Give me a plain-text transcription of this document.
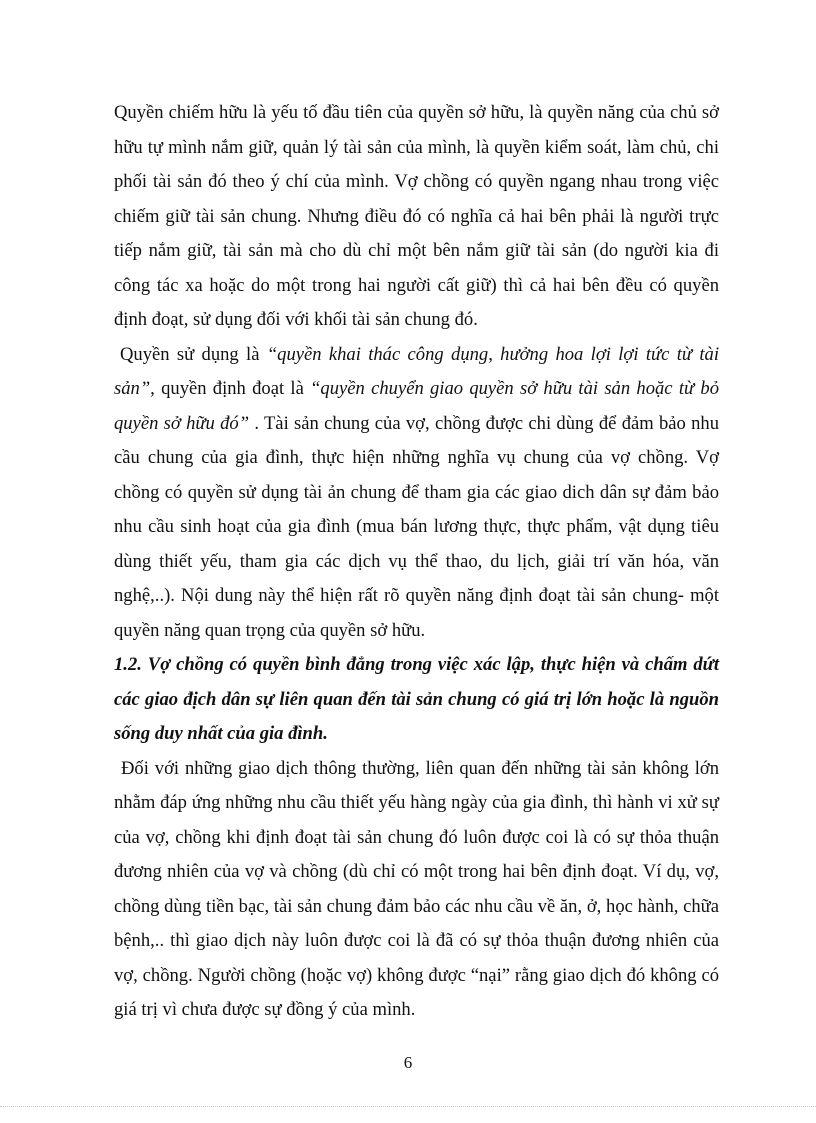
Quyền chiếm hữu là yếu tố đầu tiên của quyền sở hữu, là quyền năng của chủ sở
hữu tự mình nắm giữ, quản lý tài sản của mình, là quyền kiểm soát, làm chủ, chi
phối tài sản đó theo ý chí của mình. Vợ chồng có quyền ngang nhau trong việc
chiếm giữ tài sản chung. Nhưng điều đó có nghĩa cả hai bên phải là người trực
tiếp nắm giữ, tài sản mà cho dù chỉ một bên nắm giữ tài sản (do người kia đi
công tác xa hoặc do một trong hai người cất giữ) thì cả hai bên đều có quyền
định đoạt, sử dụng đối với khối tài sản chung đó.
Quyền sử dụng là “quyền khai thác công dụng, hưởng hoa lợi lợi tức từ tài
sản”, quyền định đoạt là “quyền chuyển giao quyền sở hữu tài sản hoặc từ bỏ
quyền sở hữu đó” . Tài sản chung của vợ, chồng được chi dùng để đảm bảo nhu
cầu chung của gia đình, thực hiện những nghĩa vụ chung của vợ chồng. Vợ
chồng có quyền sử dụng tài ản chung để tham gia các giao dich dân sự đảm bảo
nhu cầu sinh hoạt của gia đình (mua bán lương thực, thực phẩm, vật dụng tiêu
dùng thiết yếu, tham gia các dịch vụ thể thao, du lịch, giải trí văn hóa, văn
nghệ,..). Nội dung này thể hiện rất rõ quyền năng định đoạt tài sản chung- một
quyền năng quan trọng của quyền sở hữu.
1.2. Vợ chồng có quyền bình đẳng trong việc xác lập, thực hiện và chấm dứt
các giao địch dân sự liên quan đến tài sản chung có giá trị lớn hoặc là nguồn
sống duy nhất của gia đình.
Đối với những giao dịch thông thường, liên quan đến những tài sản không lớn
nhằm đáp ứng những nhu cầu thiết yếu hàng ngày của gia đình, thì hành vi xử sự
của vợ, chồng khi định đoạt tài sản chung đó luôn được coi là có sự thỏa thuận
đương nhiên của vợ và chồng (dù chỉ có một trong hai bên định đoạt. Ví dụ, vợ,
chồng dùng tiền bạc, tài sản chung đảm bảo các nhu cầu về ăn, ở, học hành, chữa
bệnh,.. thì giao dịch này luôn được coi là đã có sự thỏa thuận đương nhiên của
vợ, chồng. Người chồng (hoặc vợ) không được “nại” rằng giao dịch đó không có
giá trị vì chưa được sự đồng ý của mình.
6
